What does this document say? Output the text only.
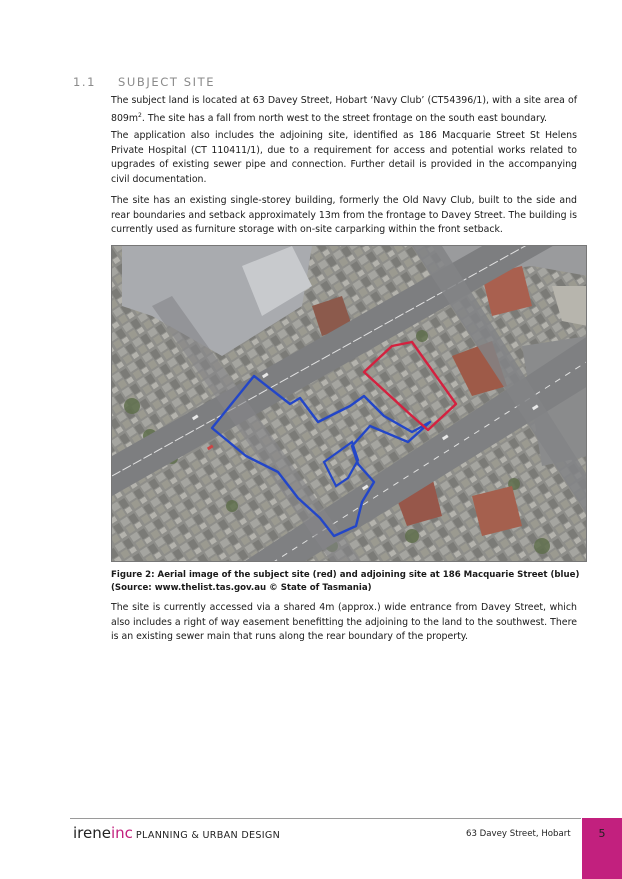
1.1 SUBJECT SITE

The subject land is located at 63 Davey Street, Hobart ‘Navy Club’ (CT54396/1), with a site area of $809m^2$. The site has a fall from north west to the street frontage on the south east boundary.

The application also includes the adjoining site, identified as 186 Macquarie Street St Helens Private Hospital (CT 110411/1), due to a requirement for access and potential works related to upgrades of existing sewer pipe and connection. Further detail is provided in the accompanying civil documentation.

The site has an existing single-storey building, formerly the Old Navy Club, built to the side and rear boundaries and setback approximately 13m from the frontage to Davey Street. The building is currently used as furniture storage with on-site carparking within the front setback.

Figure 2: Aerial image of the subject site (red) and adjoining site at 186 Macquarie Street (blue) (Source: www.thelist.tas.gov.au © State of Tasmania)

The site is currently accessed via a shared 4m (approx.) wide entrance from Davey Street, which also includes a right of way easement benefitting the adjoining to the land to the southwest. There is an existing sewer main that runs along the rear boundary of the property.

ireneinc PLANNING & URBAN DESIGN	63 Davey Street, Hobart	5
